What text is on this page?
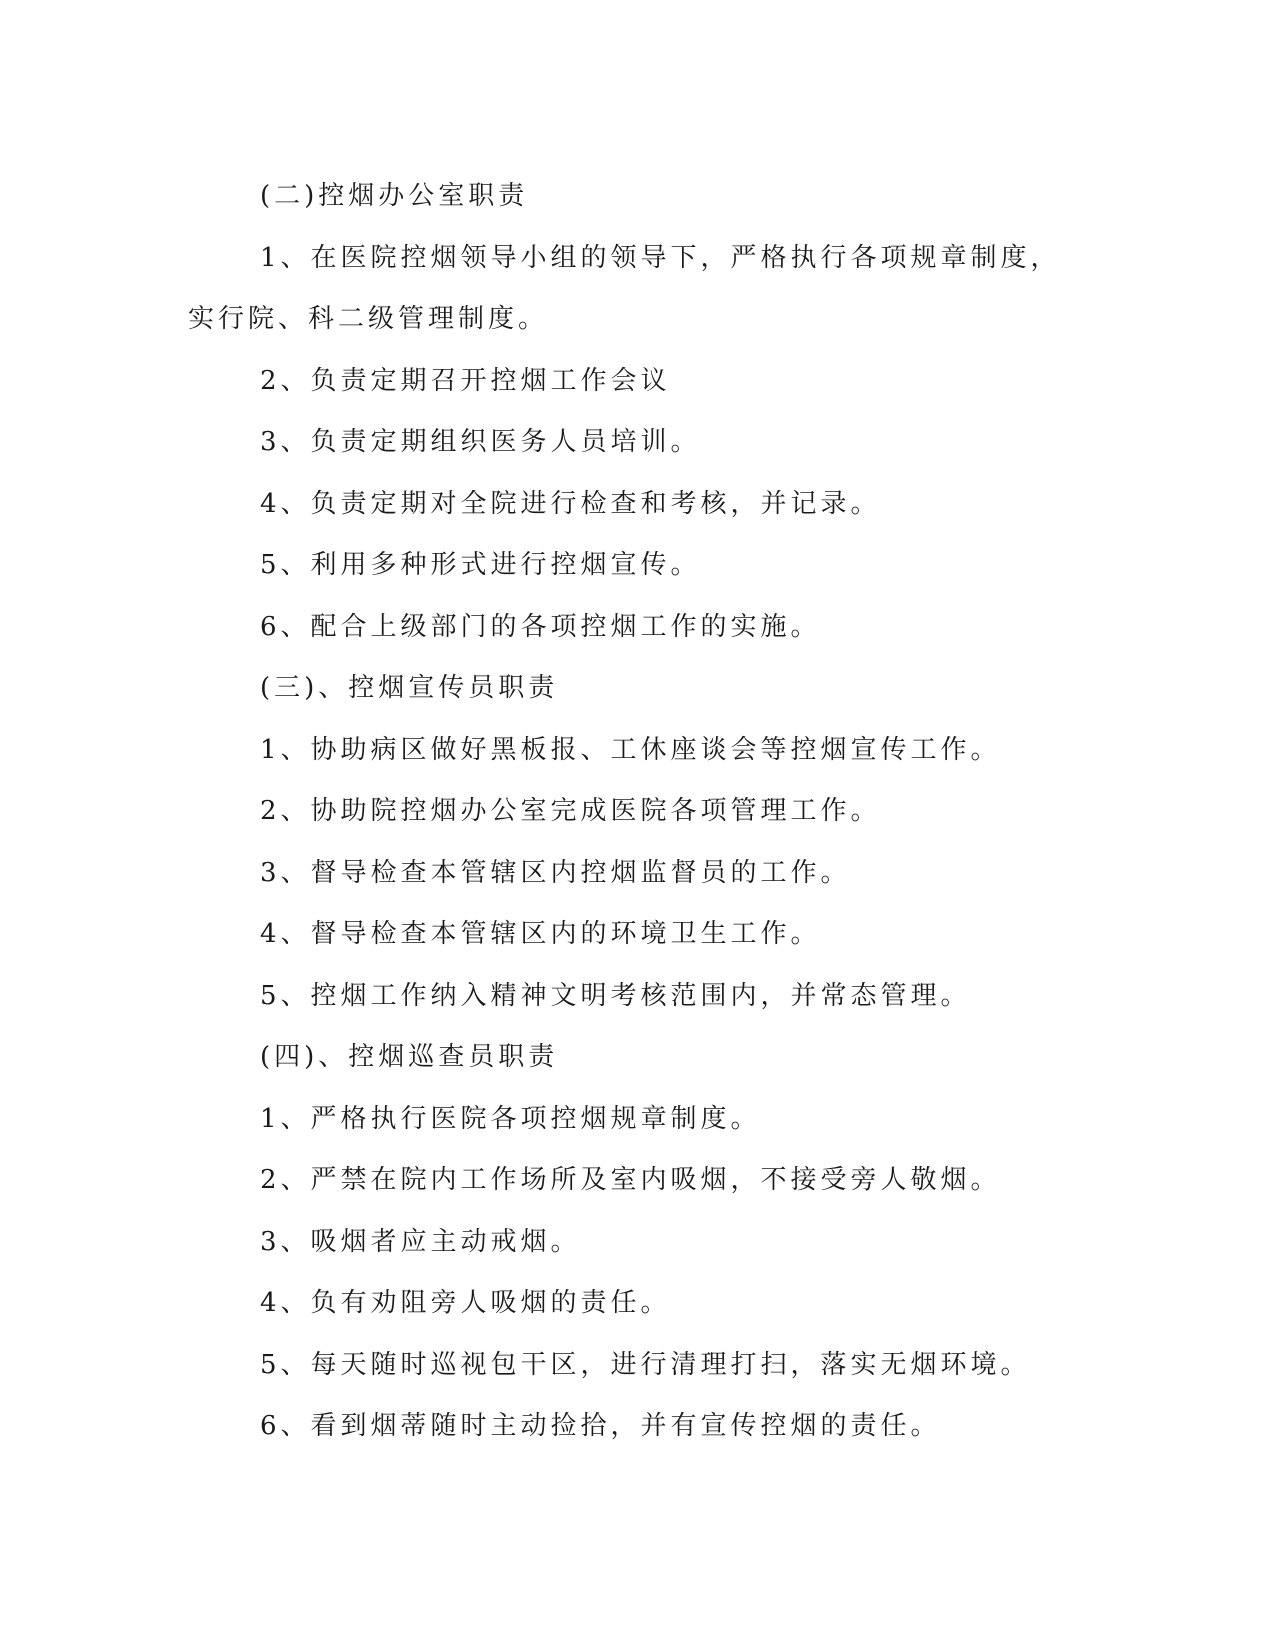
(二)控烟办公室职责

1、在医院控烟领导小组的领导下，严格执行各项规章制度，实行院、科二级管理制度。

2、负责定期召开控烟工作会议

3、负责定期组织医务人员培训。

4、负责定期对全院进行检查和考核，并记录。

5、利用多种形式进行控烟宣传。

6、配合上级部门的各项控烟工作的实施。

(三)、控烟宣传员职责

1、协助病区做好黑板报、工休座谈会等控烟宣传工作。

2、协助院控烟办公室完成医院各项管理工作。

3、督导检查本管辖区内控烟监督员的工作。

4、督导检查本管辖区内的环境卫生工作。

5、控烟工作纳入精神文明考核范围内，并常态管理。

(四)、控烟巡查员职责

1、严格执行医院各项控烟规章制度。

2、严禁在院内工作场所及室内吸烟，不接受旁人敬烟。

3、吸烟者应主动戒烟。

4、负有劝阻旁人吸烟的责任。

5、每天随时巡视包干区，进行清理打扫，落实无烟环境。

6、看到烟蒂随时主动捡拾，并有宣传控烟的责任。
